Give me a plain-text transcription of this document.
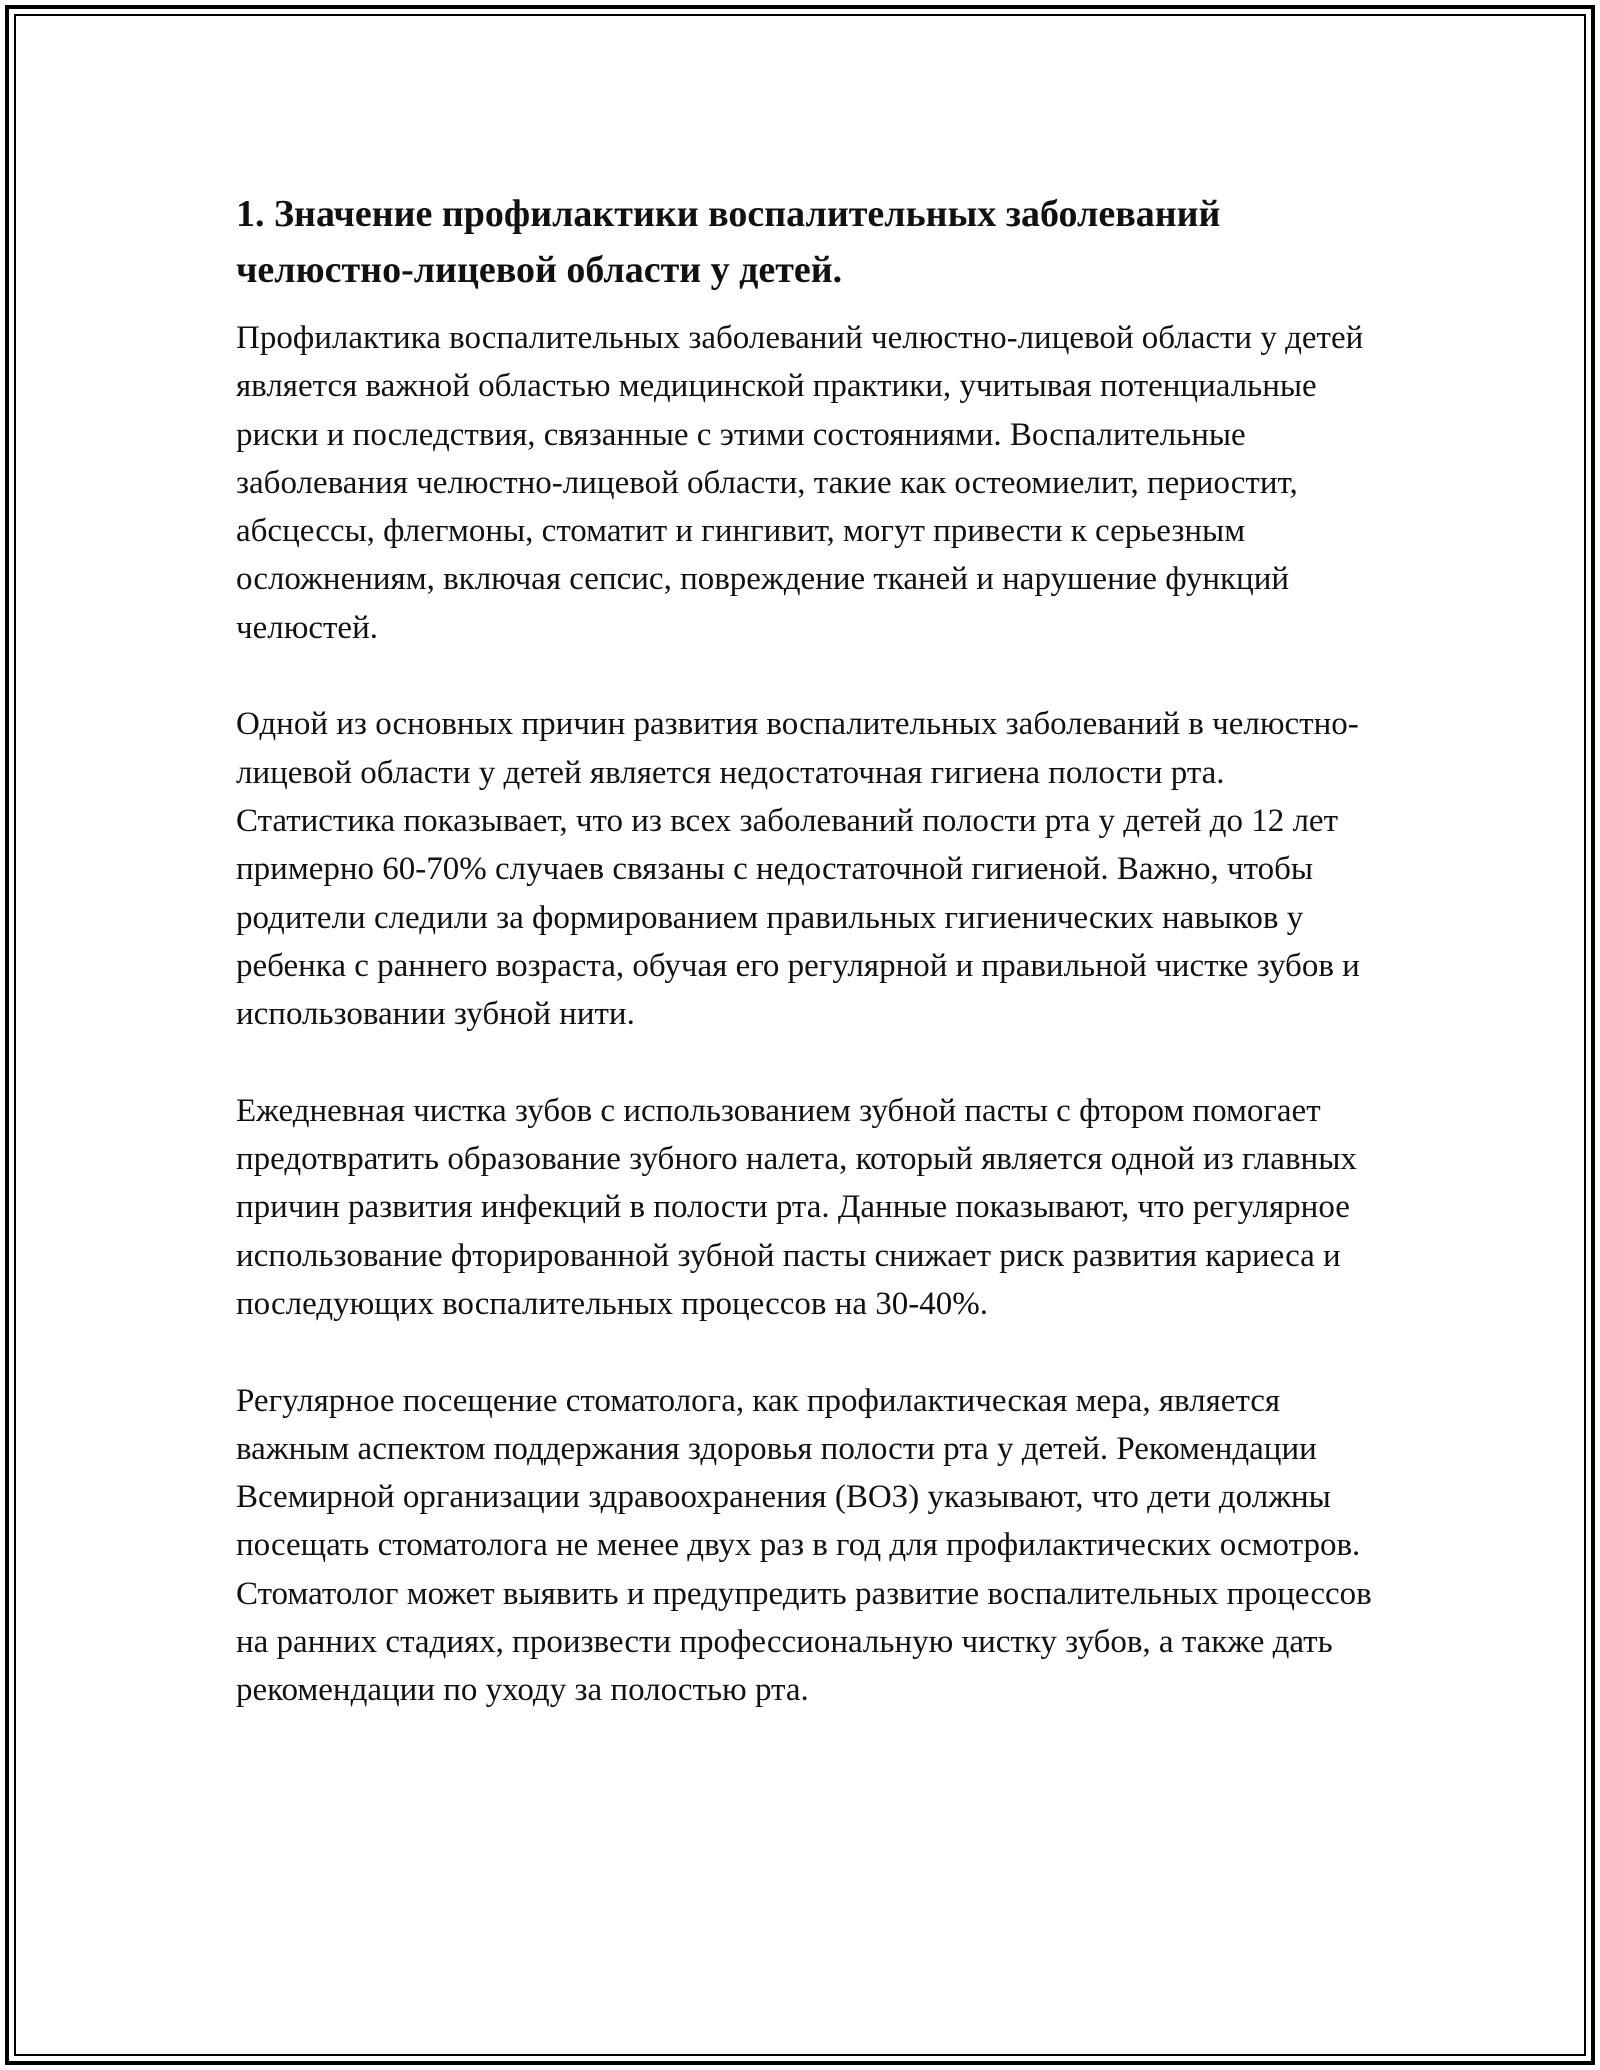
1. Значение профилактики воспалительных заболеваний челюстно-лицевой области у детей.

Профилактика воспалительных заболеваний челюстно-лицевой области у детей является важной областью медицинской практики, учитывая потенциальные риски и последствия, связанные с этими состояниями. Воспалительные заболевания челюстно-лицевой области, такие как остеомиелит, периостит, абсцессы, флегмоны, стоматит и гингивит, могут привести к серьезным осложнениям, включая сепсис, повреждение тканей и нарушение функций челюстей.

Одной из основных причин развития воспалительных заболеваний в челюстно-лицевой области у детей является недостаточная гигиена полости рта. Статистика показывает, что из всех заболеваний полости рта у детей до 12 лет примерно 60-70% случаев связаны с недостаточной гигиеной. Важно, чтобы родители следили за формированием правильных гигиенических навыков у ребенка с раннего возраста, обучая его регулярной и правильной чистке зубов и использовании зубной нити.

Ежедневная чистка зубов с использованием зубной пасты с фтором помогает предотвратить образование зубного налета, который является одной из главных причин развития инфекций в полости рта. Данные показывают, что регулярное использование фторированной зубной пасты снижает риск развития кариеса и последующих воспалительных процессов на 30-40%.

Регулярное посещение стоматолога, как профилактическая мера, является важным аспектом поддержания здоровья полости рта у детей. Рекомендации Всемирной организации здравоохранения (ВОЗ) указывают, что дети должны посещать стоматолога не менее двух раз в год для профилактических осмотров. Стоматолог может выявить и предупредить развитие воспалительных процессов на ранних стадиях, произвести профессиональную чистку зубов, а также дать рекомендации по уходу за полостью рта.
